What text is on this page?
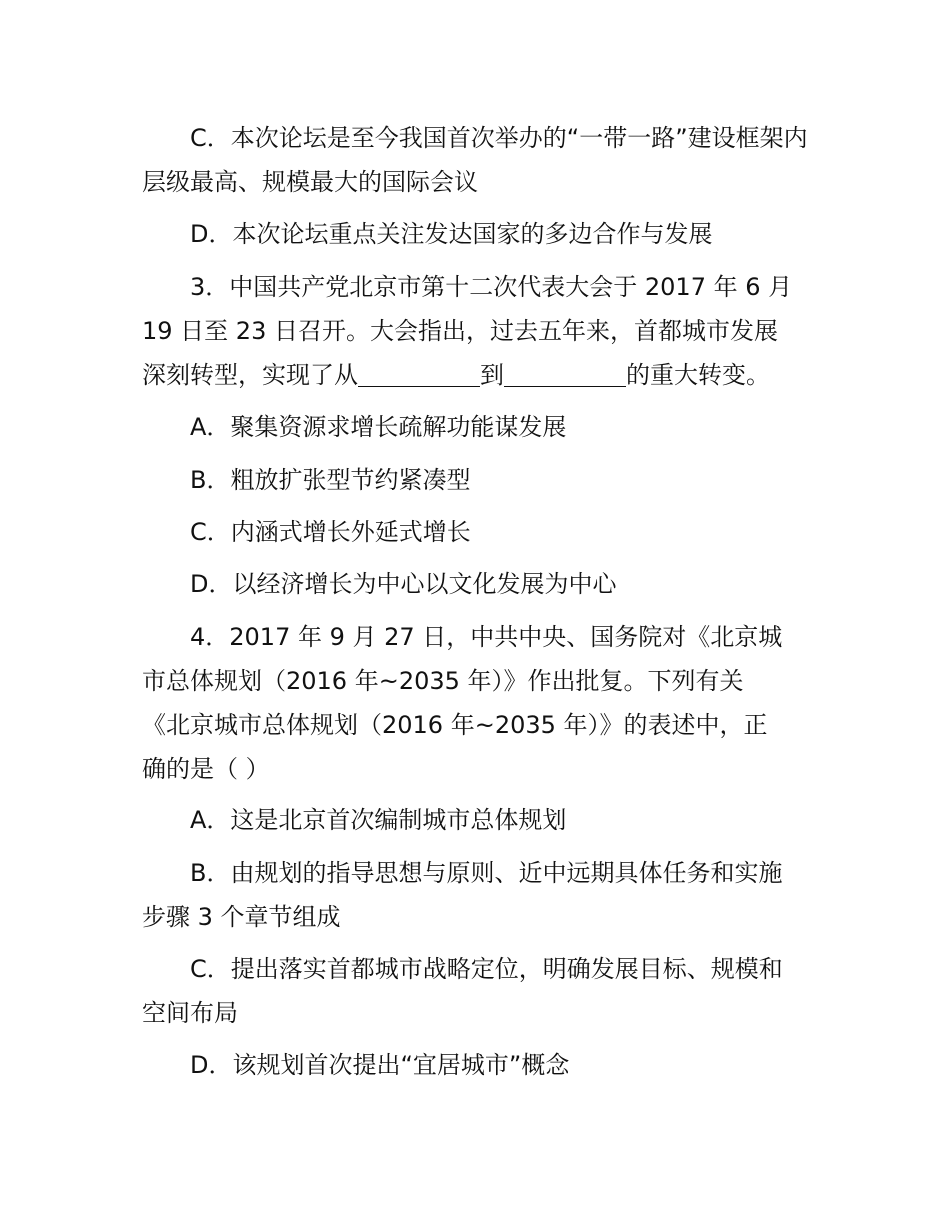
C．本次论坛是至今我国首次举办的“一带一路”建设框架内层级最高、规模最大的国际会议

D．本次论坛重点关注发达国家的多边合作与发展

3．中国共产党北京市第十二次代表大会于 2017 年 6 月

19 日至 23 日召开。大会指出，过去五年来，首都城市发展

深刻转型，实现了从	到	的重大转变。

A．聚集资源求增长疏解功能谋发展

B．粗放扩张型节约紧凑型

C．内涵式增长外延式增长

D．以经济增长为中心以文化发展为中心

4．2017 年 9 月 27 日，中共中央、国务院对《北京城

市总体规划（2016 年~2035 年）》作出批复。下列有关

《北京城市总体规划（2016 年~2035 年）》的表述中，正

确的是（ ）

A．这是北京首次编制城市总体规划

B．由规划的指导思想与原则、近中远期具体任务和实施

步骤 3 个章节组成

C．提出落实首都城市战略定位，明确发展目标、规模和

空间布局

D．该规划首次提出“宜居城市”概念
